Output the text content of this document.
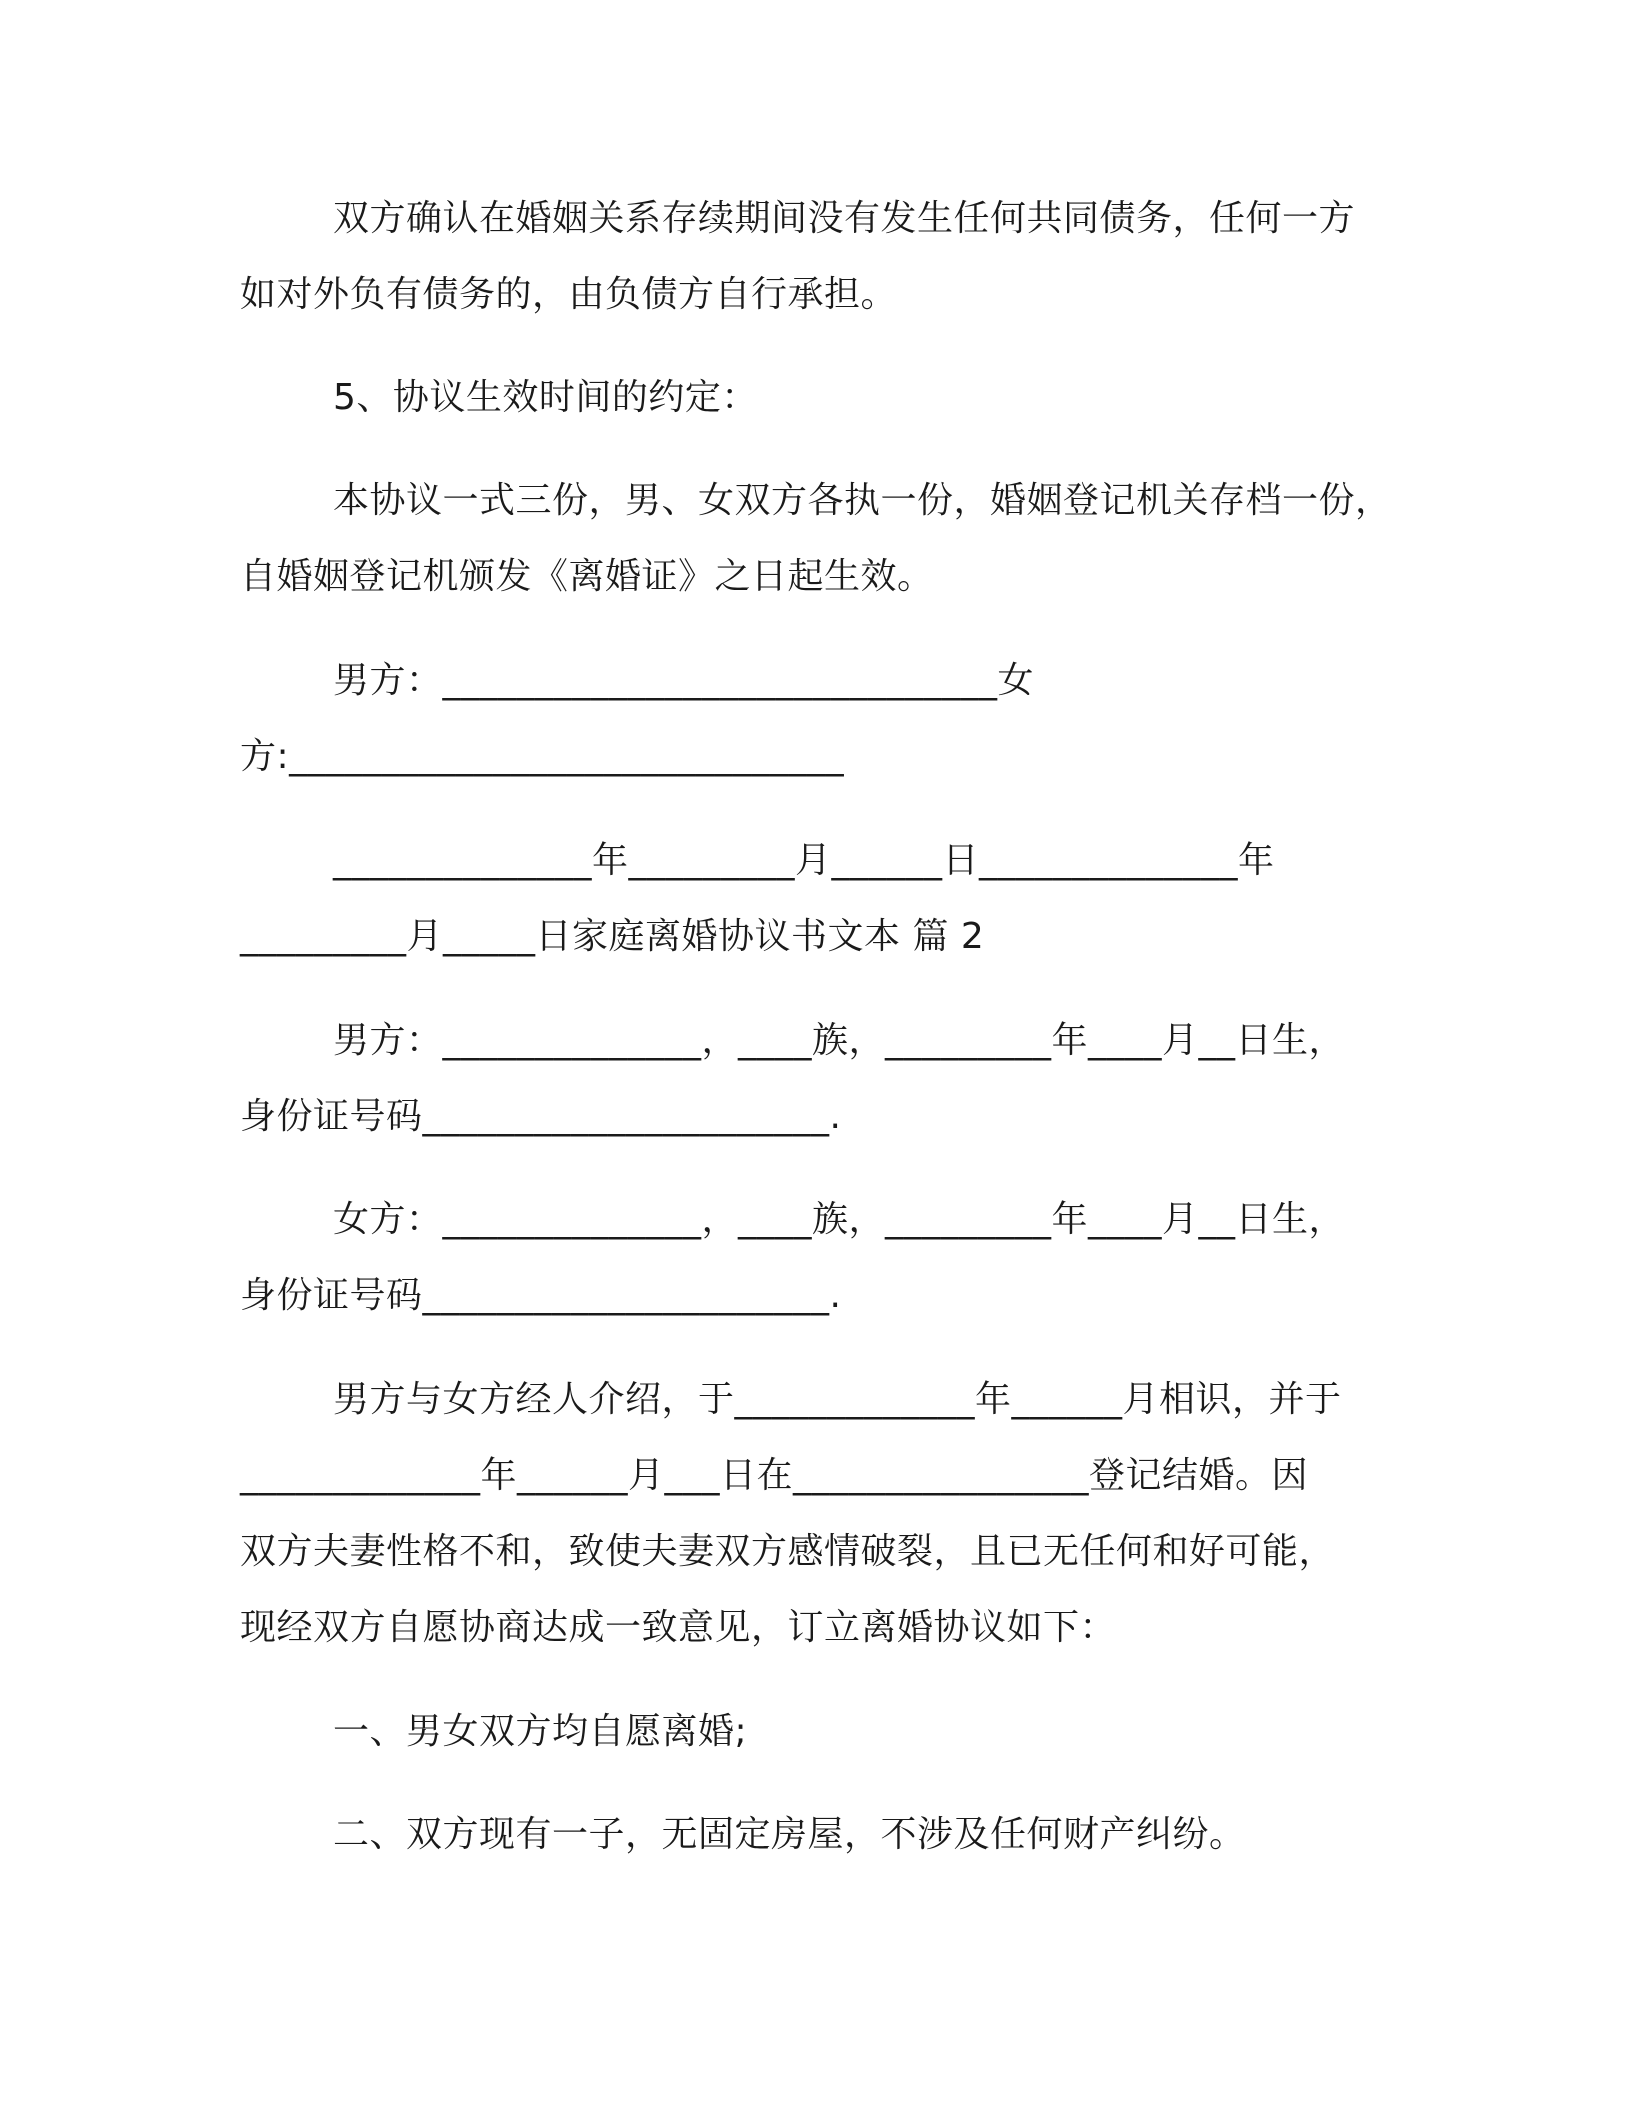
双方确认在婚姻关系存续期间没有发生任何共同债务，任何一方
如对外负有债务的，由负债方自行承担。
5、协议生效时间的约定：
本协议一式三份，男、女双方各执一份，婚姻登记机关存档一份，
自婚姻登记机颁发《离婚证》之日起生效。
男方：______________________________女
方:______________________________
______________年_________月______日______________年
_________月_____日家庭离婚协议书文本 篇 2
男方：______________，____族，_________年____月__日生，
身份证号码______________________.
女方：______________，____族，_________年____月__日生，
身份证号码______________________.
男方与女方经人介绍，于_____________年______月相识，并于
_____________年______月___日在________________登记结婚。因
双方夫妻性格不和，致使夫妻双方感情破裂，且已无任何和好可能，
现经双方自愿协商达成一致意见，订立离婚协议如下：
一、男女双方均自愿离婚;
二、双方现有一子，无固定房屋，不涉及任何财产纠纷。
